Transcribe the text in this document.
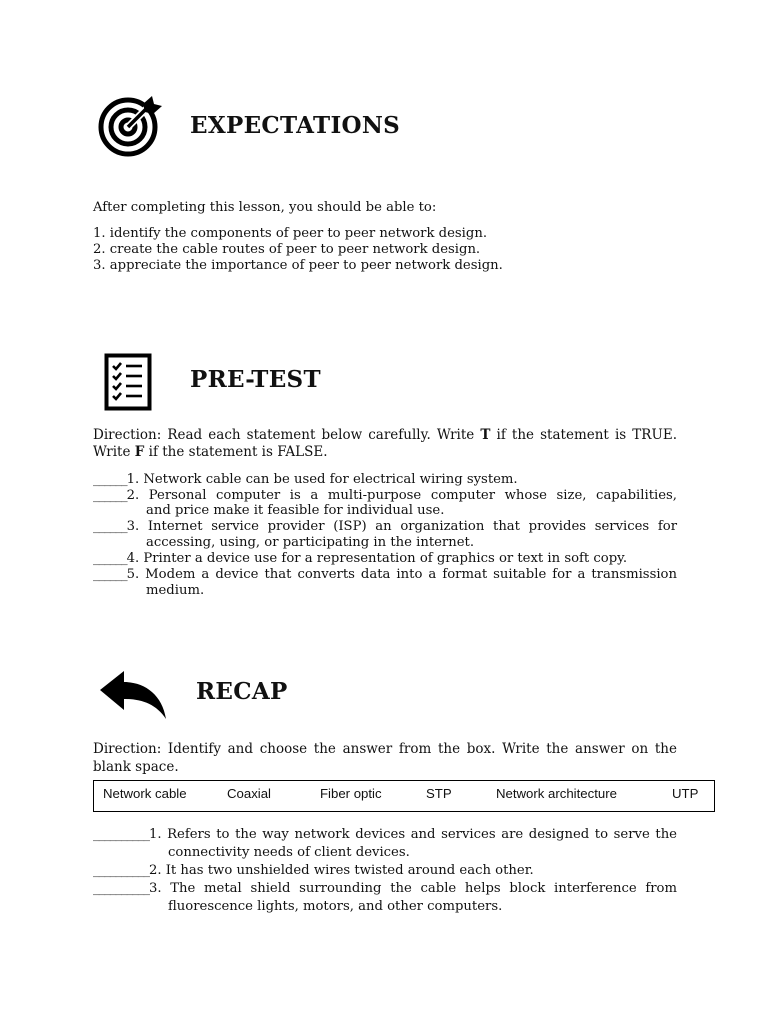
EXPECTATIONS
After completing this lesson, you should be able to:
1. identify the components of peer to peer network design.
2. create the cable routes of peer to peer network design.
3. appreciate the importance of peer to peer network design.
PRE-TEST
Direction: Read each statement below carefully. Write T if the statement is TRUE.
Write F if the statement is FALSE.
______1. Network cable can be used for electrical wiring system.
______2. Personal computer is a multi-purpose computer whose size, capabilities,
and price make it feasible for individual use.
______3. Internet service provider (ISP) an organization that provides services for
accessing, using, or participating in the internet.
______4. Printer a device use for a representation of graphics or text in soft copy.
______5. Modem a device that converts data into a format suitable for a transmission
medium.
RECAP
Direction: Identify and choose the answer from the box. Write the answer on the
blank space.
Network cable	Coaxial	Fiber optic	STP	Network architecture	UTP
__________1. Refers to the way network devices and services are designed to serve the
connectivity needs of client devices.
__________2. It has two unshielded wires twisted around each other.
__________3. The metal shield surrounding the cable helps block interference from
fluorescence lights, motors, and other computers.
